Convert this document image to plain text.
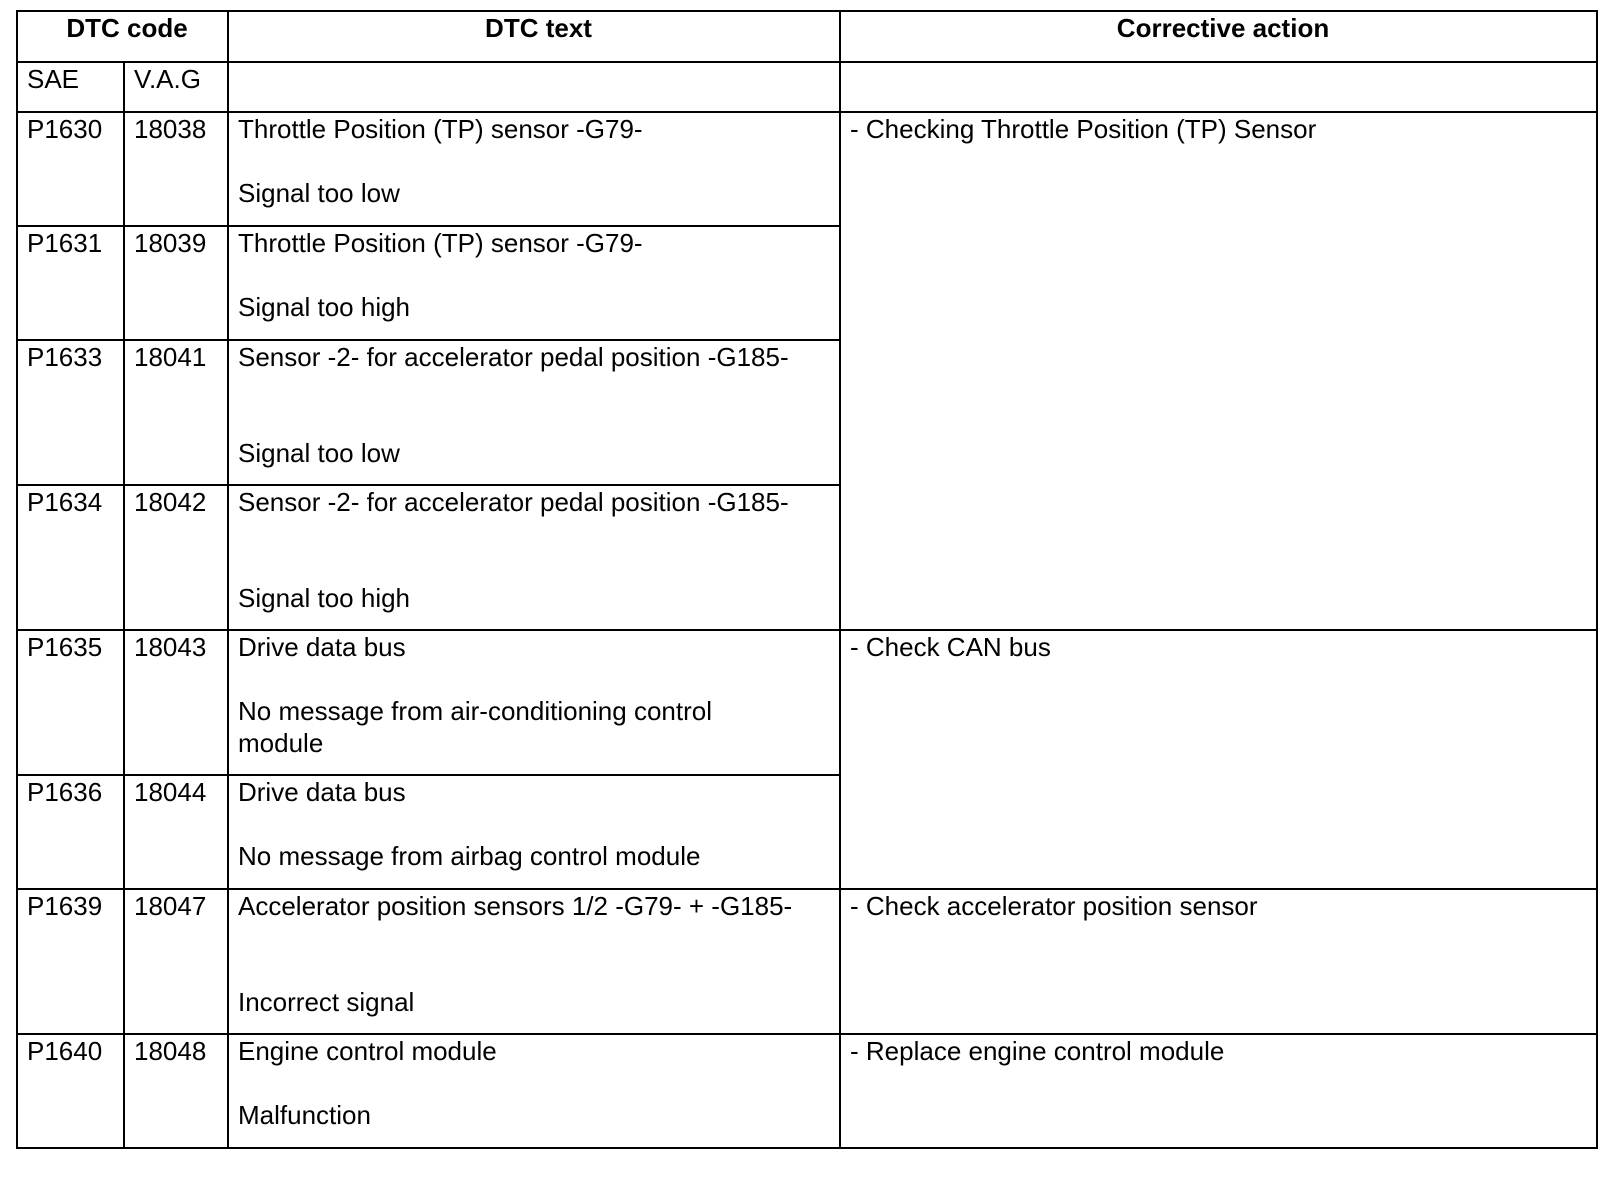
DTC code		DTC text	Corrective action
SAE	V.A.G		
P1630	18038	Throttle Position (TP) sensor -G79-
Signal too low	- Checking Throttle Position (TP) Sensor
P1631	18039	Throttle Position (TP) sensor -G79-
Signal too high	

P1633	18041	Sensor -2- for accelerator pedal position -G185-
Signal too low	

P1634	18042	Sensor -2- for accelerator pedal position -G185-
Signal too high	

P1635	18043	Drive data bus
No message from air-conditioning control module	- Check CAN bus
P1636	18044	Drive data bus
No message from airbag control module	

P1639	18047	Accelerator position sensors 1/2 -G79- + -G185-
Incorrect signal	- Check accelerator position sensor
P1640	18048	Engine control module
Malfunction	- Replace engine control module
